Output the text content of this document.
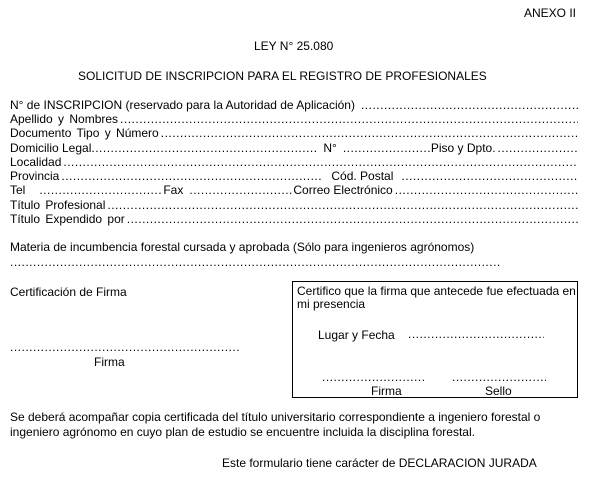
ANEXO II
LEY N° 25.080
SOLICITUD DE INSCRIPCION PARA EL REGISTRO DE PROFESIONALES
N° de INSCRIPCION (reservado para la Autoridad de Aplicación)
.....
Apellido y Nombres
.....
Documento Tipo y Número
.....
Domicilio Legal .....	N° .....	Piso y Dpto.
.....
Localidad
.....
Provincia .....	Cód. Postal
.....
Tel .....	Fax .....	Correo Electrónico
.....
Título Profesional
.....
Título Expendido por
.....
Materia de incumbencia forestal cursada y aprobada (Sólo para ingenieros agrónomos)
.....
Certificación de Firma
.....
Firma
Certifico que la firma que antecede fue efectuada en mi presencia
Lugar y Fecha
.....
.....
.....
Firma	Sello
Se deberá acompañar copia certificada del título universitario correspondiente a ingeniero forestal o ingeniero agrónomo en cuyo plan de estudio se encuentre incluida la disciplina forestal.
Este formulario tiene carácter de DECLARACION JURADA
